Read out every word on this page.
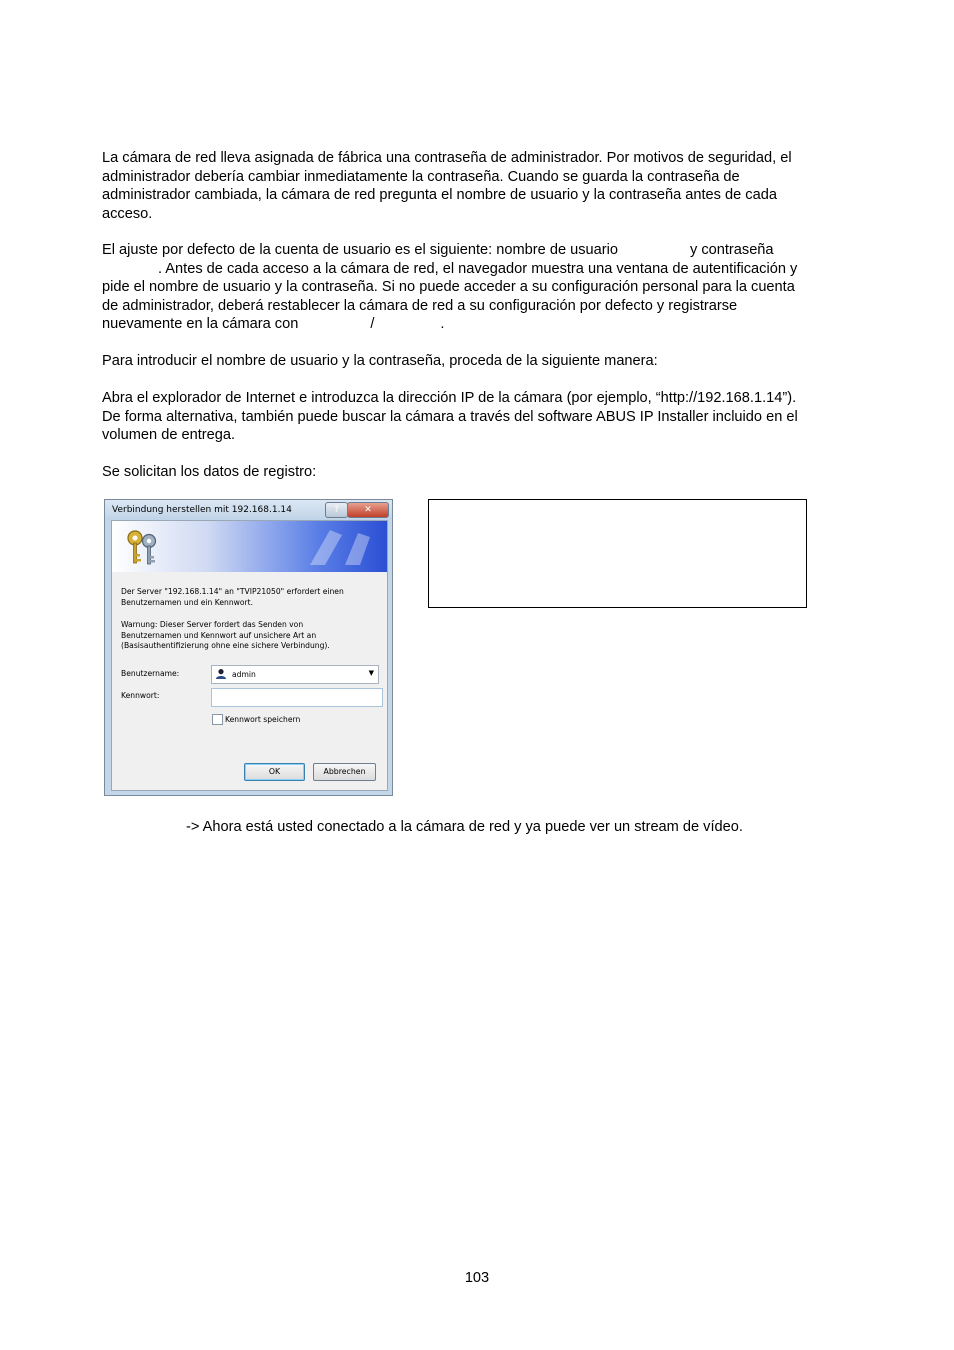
La cámara de red lleva asignada de fábrica una contraseña de administrador. Por motivos de seguridad, el
administrador debería cambiar inmediatamente la contraseña. Cuando se guarda la contraseña de
administrador cambiada, la cámara de red pregunta el nombre de usuario y la contraseña antes de cada
acceso.
El ajuste por defecto de la cuenta de usuario es el siguiente: nombre de usuario	y contraseña
. Antes de cada acceso a la cámara de red, el navegador muestra una ventana de autentificación y
pide el nombre de usuario y la contraseña. Si no puede acceder a su configuración personal para la cuenta
de administrador, deberá restablecer la cámara de red a su configuración por defecto y registrarse
nuevamente en la cámara con	/	.

Para introducir el nombre de usuario y la contraseña, proceda de la siguiente manera:

Abra el explorador de Internet e introduzca la dirección IP de la cámara (por ejemplo, “http://192.168.1.14”).
De forma alternativa, también puede buscar la cámara a través del software ABUS IP Installer incluido en el
volumen de entrega.

Se solicitan los datos de registro:

Verbindung herstellen mit 192.168.1.14	?	✕
Der Server "192.168.1.14" an "TVIP21050" erfordert einen
Benutzernamen und ein Kennwort.
Warnung: Dieser Server fordert das Senden von
Benutzernamen und Kennwort auf unsichere Art an
(Basisauthentifizierung ohne eine sichere Verbindung).
Benutzername:	admin	▼
Kennwort:
Kennwort speichern
OK	Abbrechen
-> Ahora está usted conectado a la cámara de red y ya puede ver un stream de vídeo.
103
